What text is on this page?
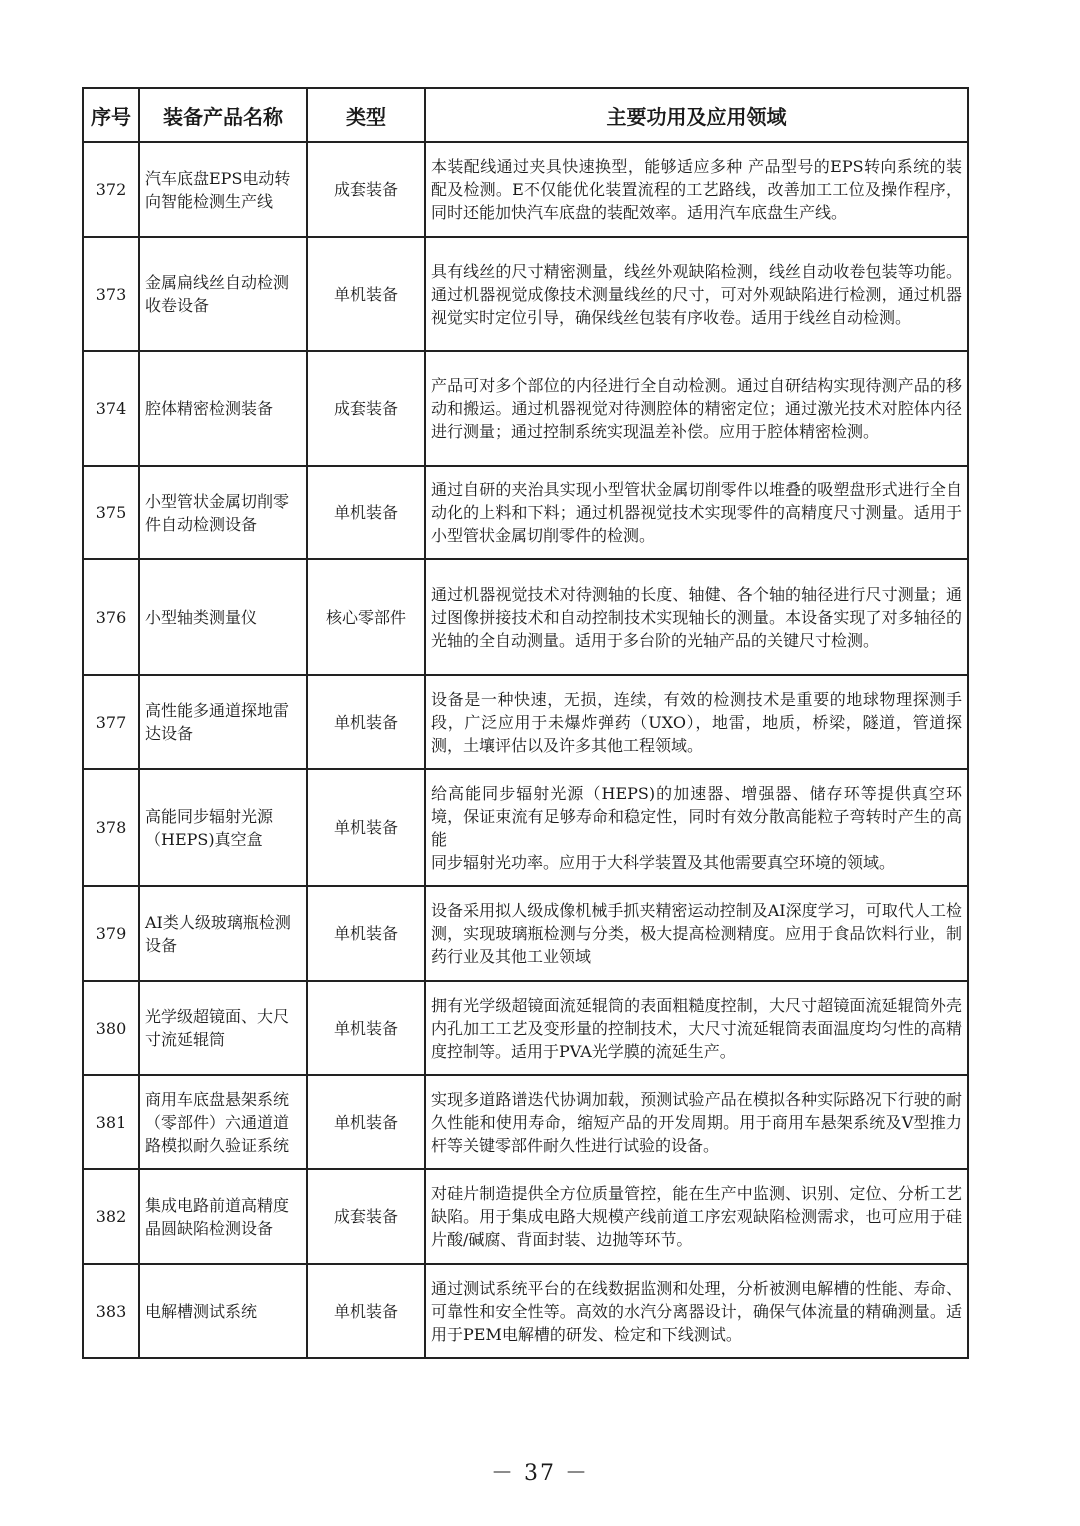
序号	装备产品名称	类型	主要功用及应用领域
372	汽车底盘EPS电动转向智能检测生产线	成套装备	本装配线通过夹具快速换型，能够适应多种 产品型号的EPS转向系统的装配及检测。E不仅能优化装置流程的工艺路线，改善加工工位及操作程序，同时还能加快汽车底盘的装配效率。适用汽车底盘生产线。
373	金属扁线丝自动检测收卷设备	单机装备	具有线丝的尺寸精密测量，线丝外观缺陷检测，线丝自动收卷包装等功能。通过机器视觉成像技术测量线丝的尺寸，可对外观缺陷进行检测，通过机器视觉实时定位引导，确保线丝包装有序收卷。适用于线丝自动检测。
374	腔体精密检测装备	成套装备	产品可对多个部位的内径进行全自动检测。通过自研结构实现待测产品的移动和搬运。通过机器视觉对待测腔体的精密定位；通过激光技术对腔体内径进行测量；通过控制系统实现温差补偿。应用于腔体精密检测。
375	小型管状金属切削零件自动检测设备	单机装备	通过自研的夹治具实现小型管状金属切削零件以堆叠的吸塑盘形式进行全自动化的上料和下料；通过机器视觉技术实现零件的高精度尺寸测量。适用于小型管状金属切削零件的检测。
376	小型轴类测量仪	核心零部件	通过机器视觉技术对待测轴的长度、轴健、各个轴的轴径进行尺寸测量；通过图像拼接技术和自动控制技术实现轴长的测量。本设备实现了对多轴径的光轴的全自动测量。适用于多台阶的光轴产品的关键尺寸检测。
377	高性能多通道探地雷达设备	单机装备	设备是一种快速，无损，连续，有效的检测技术是重要的地球物理探测手段，广泛应用于未爆炸弹药（UXO），地雷，地质，桥梁，隧道，管道探测，土壤评估以及许多其他工程领域。
378	高能同步辐射光源（HEPS)真空盒	单机装备	给高能同步辐射光源（HEPS)的加速器、增强器、储存环等提供真空环境，保证束流有足够寿命和稳定性，同时有效分散高能粒子弯转时产生的高能
同步辐射光功率。应用于大科学装置及其他需要真空环境的领域。
379	AI类人级玻璃瓶检测设备	单机装备	设备采用拟人级成像机械手抓夹精密运动控制及AI深度学习，可取代人工检测，实现玻璃瓶检测与分类，极大提高检测精度。应用于食品饮料行业，制药行业及其他工业领域
380	光学级超镜面、大尺寸流延辊筒	单机装备	拥有光学级超镜面流延辊筒的表面粗糙度控制，大尺寸超镜面流延辊筒外壳内孔加工工艺及变形量的控制技术，大尺寸流延辊筒表面温度均匀性的高精度控制等。适用于PVA光学膜的流延生产。
381	商用车底盘悬架系统（零部件）六通道道路模拟耐久验证系统	单机装备	实现多道路谱迭代协调加载，预测试验产品在模拟各种实际路况下行驶的耐久性能和使用寿命，缩短产品的开发周期。用于商用车悬架系统及V型推力杆等关键零部件耐久性进行试验的设备。
382	集成电路前道高精度晶圆缺陷检测设备	成套装备	对硅片制造提供全方位质量管控，能在生产中监测、识别、定位、分析工艺缺陷。用于集成电路大规模产线前道工序宏观缺陷检测需求，也可应用于硅片酸/碱腐、背面封装、边抛等环节。
383	电解槽测试系统	单机装备	通过测试系统平台的在线数据监测和处理，分析被测电解槽的性能、寿命、可靠性和安全性等。高效的水汽分离器设计，确保气体流量的精确测量。适用于PEM电解槽的研发、检定和下线测试。
－ 37 －
